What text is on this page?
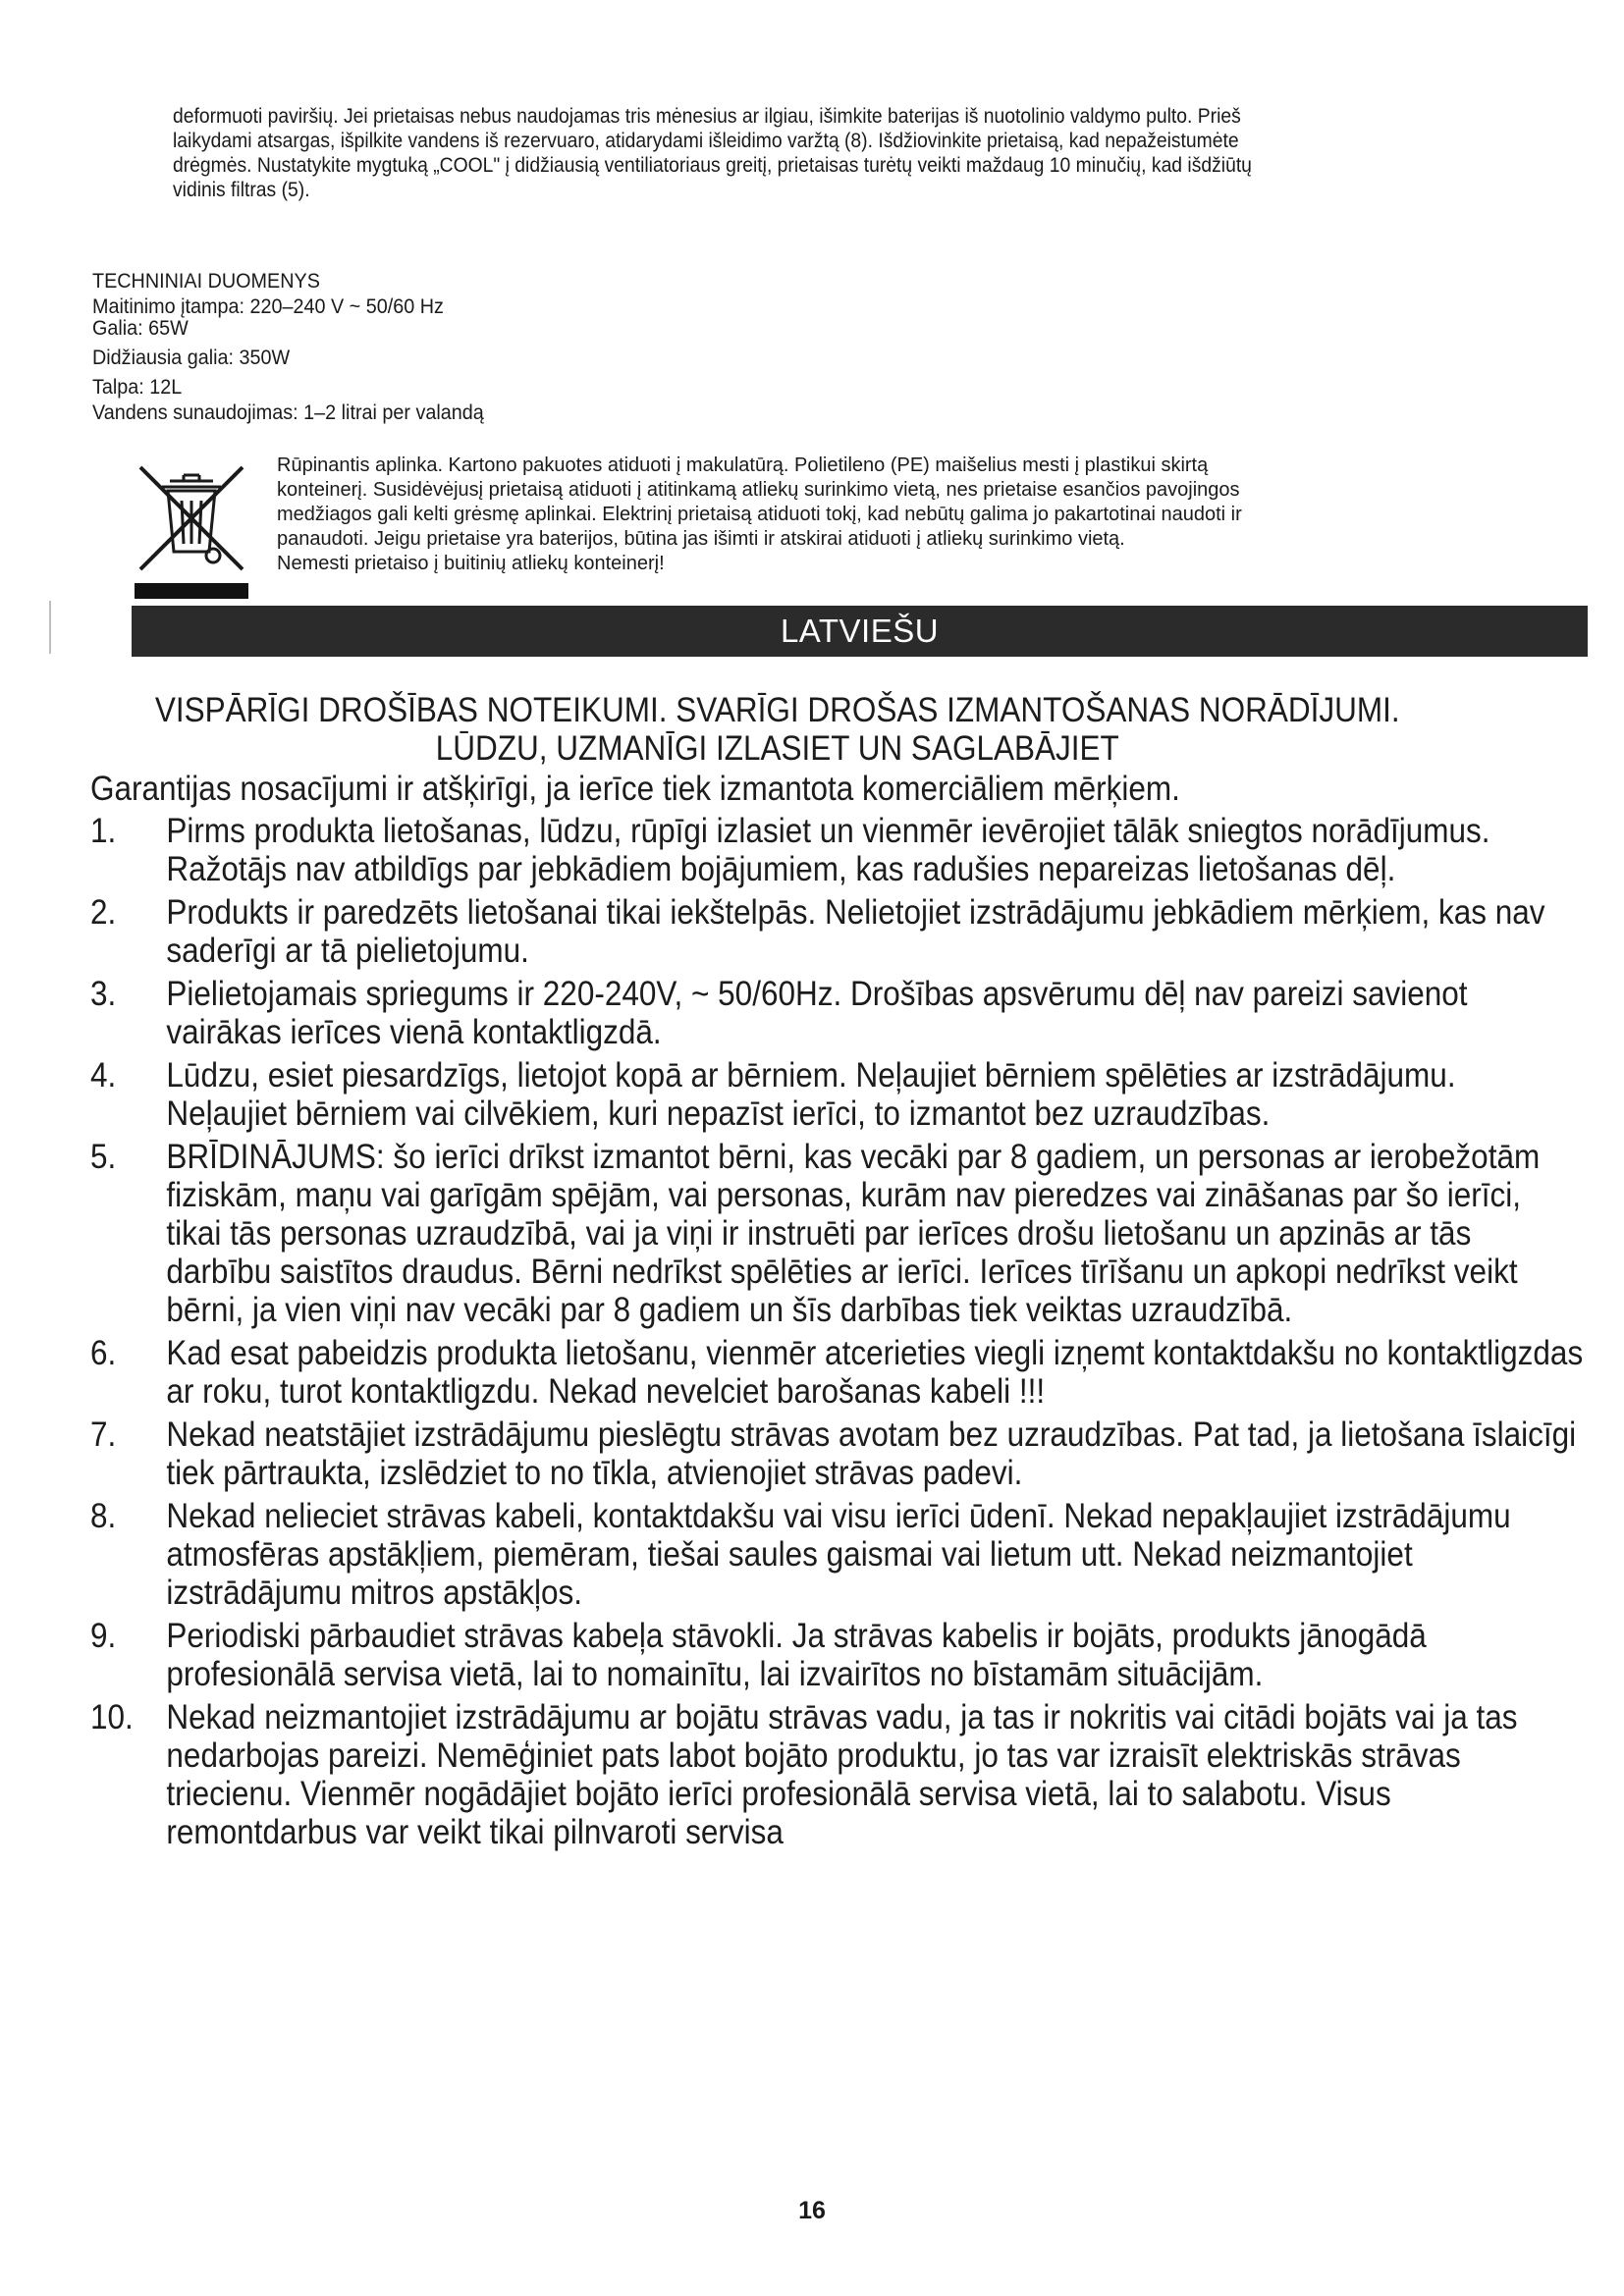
deformuoti paviršių. Jei prietaisas nebus naudojamas tris mėnesius ar ilgiau, išimkite baterijas iš nuotolinio valdymo pulto. Prieš

laikydami atsargas, išpilkite vandens iš rezervuaro, atidarydami išleidimo varžtą (8). Išdžiovinkite prietaisą, kad nepažeistumėte

drėgmės. Nustatykite mygtuką „COOL" į didžiausią ventiliatoriaus greitį, prietaisas turėtų veikti maždaug 10 minučių, kad išdžiūtų

vidinis filtras (5).

TECHNINIAI DUOMENYS
Maitinimo įtampa: 220–240 V ~ 50/60 Hz
Galia: 65W
Didžiausia galia: 350W
Talpa: 12L
Vandens sunaudojimas: 1–2 litrai per valandą

Rūpinantis aplinka. Kartono pakuotes atiduoti į makulatūrą. Polietileno (PE) maišelius mesti į plastikui skirtą

konteinerį. Susidėvėjusį prietaisą atiduoti į atitinkamą atliekų surinkimo vietą, nes prietaise esančios pavojingos

medžiagos gali kelti grėsmę aplinkai. Elektrinį prietaisą atiduoti tokį, kad nebūtų galima jo pakartotinai naudoti ir

panaudoti. Jeigu prietaise yra baterijos, būtina jas išimti ir atskirai atiduoti į atliekų surinkimo vietą.

Nemesti prietaiso į buitinių atliekų konteinerį!

LATVIEŠU

VISPĀRĪGI DROŠĪBAS NOTEIKUMI. SVARĪGI DROŠAS IZMANTOŠANAS NORĀDĪJUMI.

LŪDZU, UZMANĪGI IZLASIET UN SAGLABĀJIET

Garantijas nosacījumi ir atšķirīgi, ja ierīce tiek izmantota komerciāliem mērķiem.

1. Pirms produkta lietošanas, lūdzu, rūpīgi izlasiet un vienmēr ievērojiet tālāk sniegtos norādījumus. Ražotājs nav atbildīgs par jebkādiem bojājumiem, kas radušies nepareizas lietošanas dēļ.
2. Produkts ir paredzēts lietošanai tikai iekštelpās. Nelietojiet izstrādājumu jebkādiem mērķiem, kas nav saderīgi ar tā pielietojumu.
3. Pielietojamais spriegums ir 220-240V, ~ 50/60Hz. Drošības apsvērumu dēļ nav pareizi savienot vairākas ierīces vienā kontaktligzdā.
4. Lūdzu, esiet piesardzīgs, lietojot kopā ar bērniem. Neļaujiet bērniem spēlēties ar izstrādājumu. Neļaujiet bērniem vai cilvēkiem, kuri nepazīst ierīci, to izmantot bez uzraudzības.
5. BRĪDINĀJUMS: šo ierīci drīkst izmantot bērni, kas vecāki par 8 gadiem, un personas ar ierobežotām fiziskām, maņu vai garīgām spējām, vai personas, kurām nav pieredzes vai zināšanas par šo ierīci, tikai tās personas uzraudzībā, vai ja viņi ir instruēti par ierīces drošu lietošanu un apzinās ar tās darbību saistītos draudus. Bērni nedrīkst spēlēties ar ierīci. Ierīces tīrīšanu un apkopi nedrīkst veikt bērni, ja vien viņi nav vecāki par 8 gadiem un šīs darbības tiek veiktas uzraudzībā.
6. Kad esat pabeidzis produkta lietošanu, vienmēr atcerieties viegli izņemt kontaktdakšu no kontaktligzdas ar roku, turot kontaktligzdu. Nekad nevelciet barošanas kabeli !!!
7. Nekad neatstājiet izstrādājumu pieslēgtu strāvas avotam bez uzraudzības. Pat tad, ja lietošana īslaicīgi tiek pārtraukta, izslēdziet to no tīkla, atvienojiet strāvas padevi.
8. Nekad nelieciet strāvas kabeli, kontaktdakšu vai visu ierīci ūdenī. Nekad nepakļaujiet izstrādājumu atmosfēras apstākļiem, piemēram, tiešai saules gaismai vai lietum utt. Nekad neizmantojiet izstrādājumu mitros apstākļos.
9. Periodiski pārbaudiet strāvas kabeļa stāvokli. Ja strāvas kabelis ir bojāts, produkts jānogādā profesionālā servisa vietā, lai to nomainītu, lai izvairītos no bīstamām situācijām.
10. Nekad neizmantojiet izstrādājumu ar bojātu strāvas vadu, ja tas ir nokritis vai citādi bojāts vai ja tas nedarbojas pareizi. Nemēģiniet pats labot bojāto produktu, jo tas var izraisīt elektriskās strāvas triecienu. Vienmēr nogādājiet bojāto ierīci profesionālā servisa vietā, lai to salabotu. Visus remontdarbus var veikt tikai pilnvaroti servisa
16
